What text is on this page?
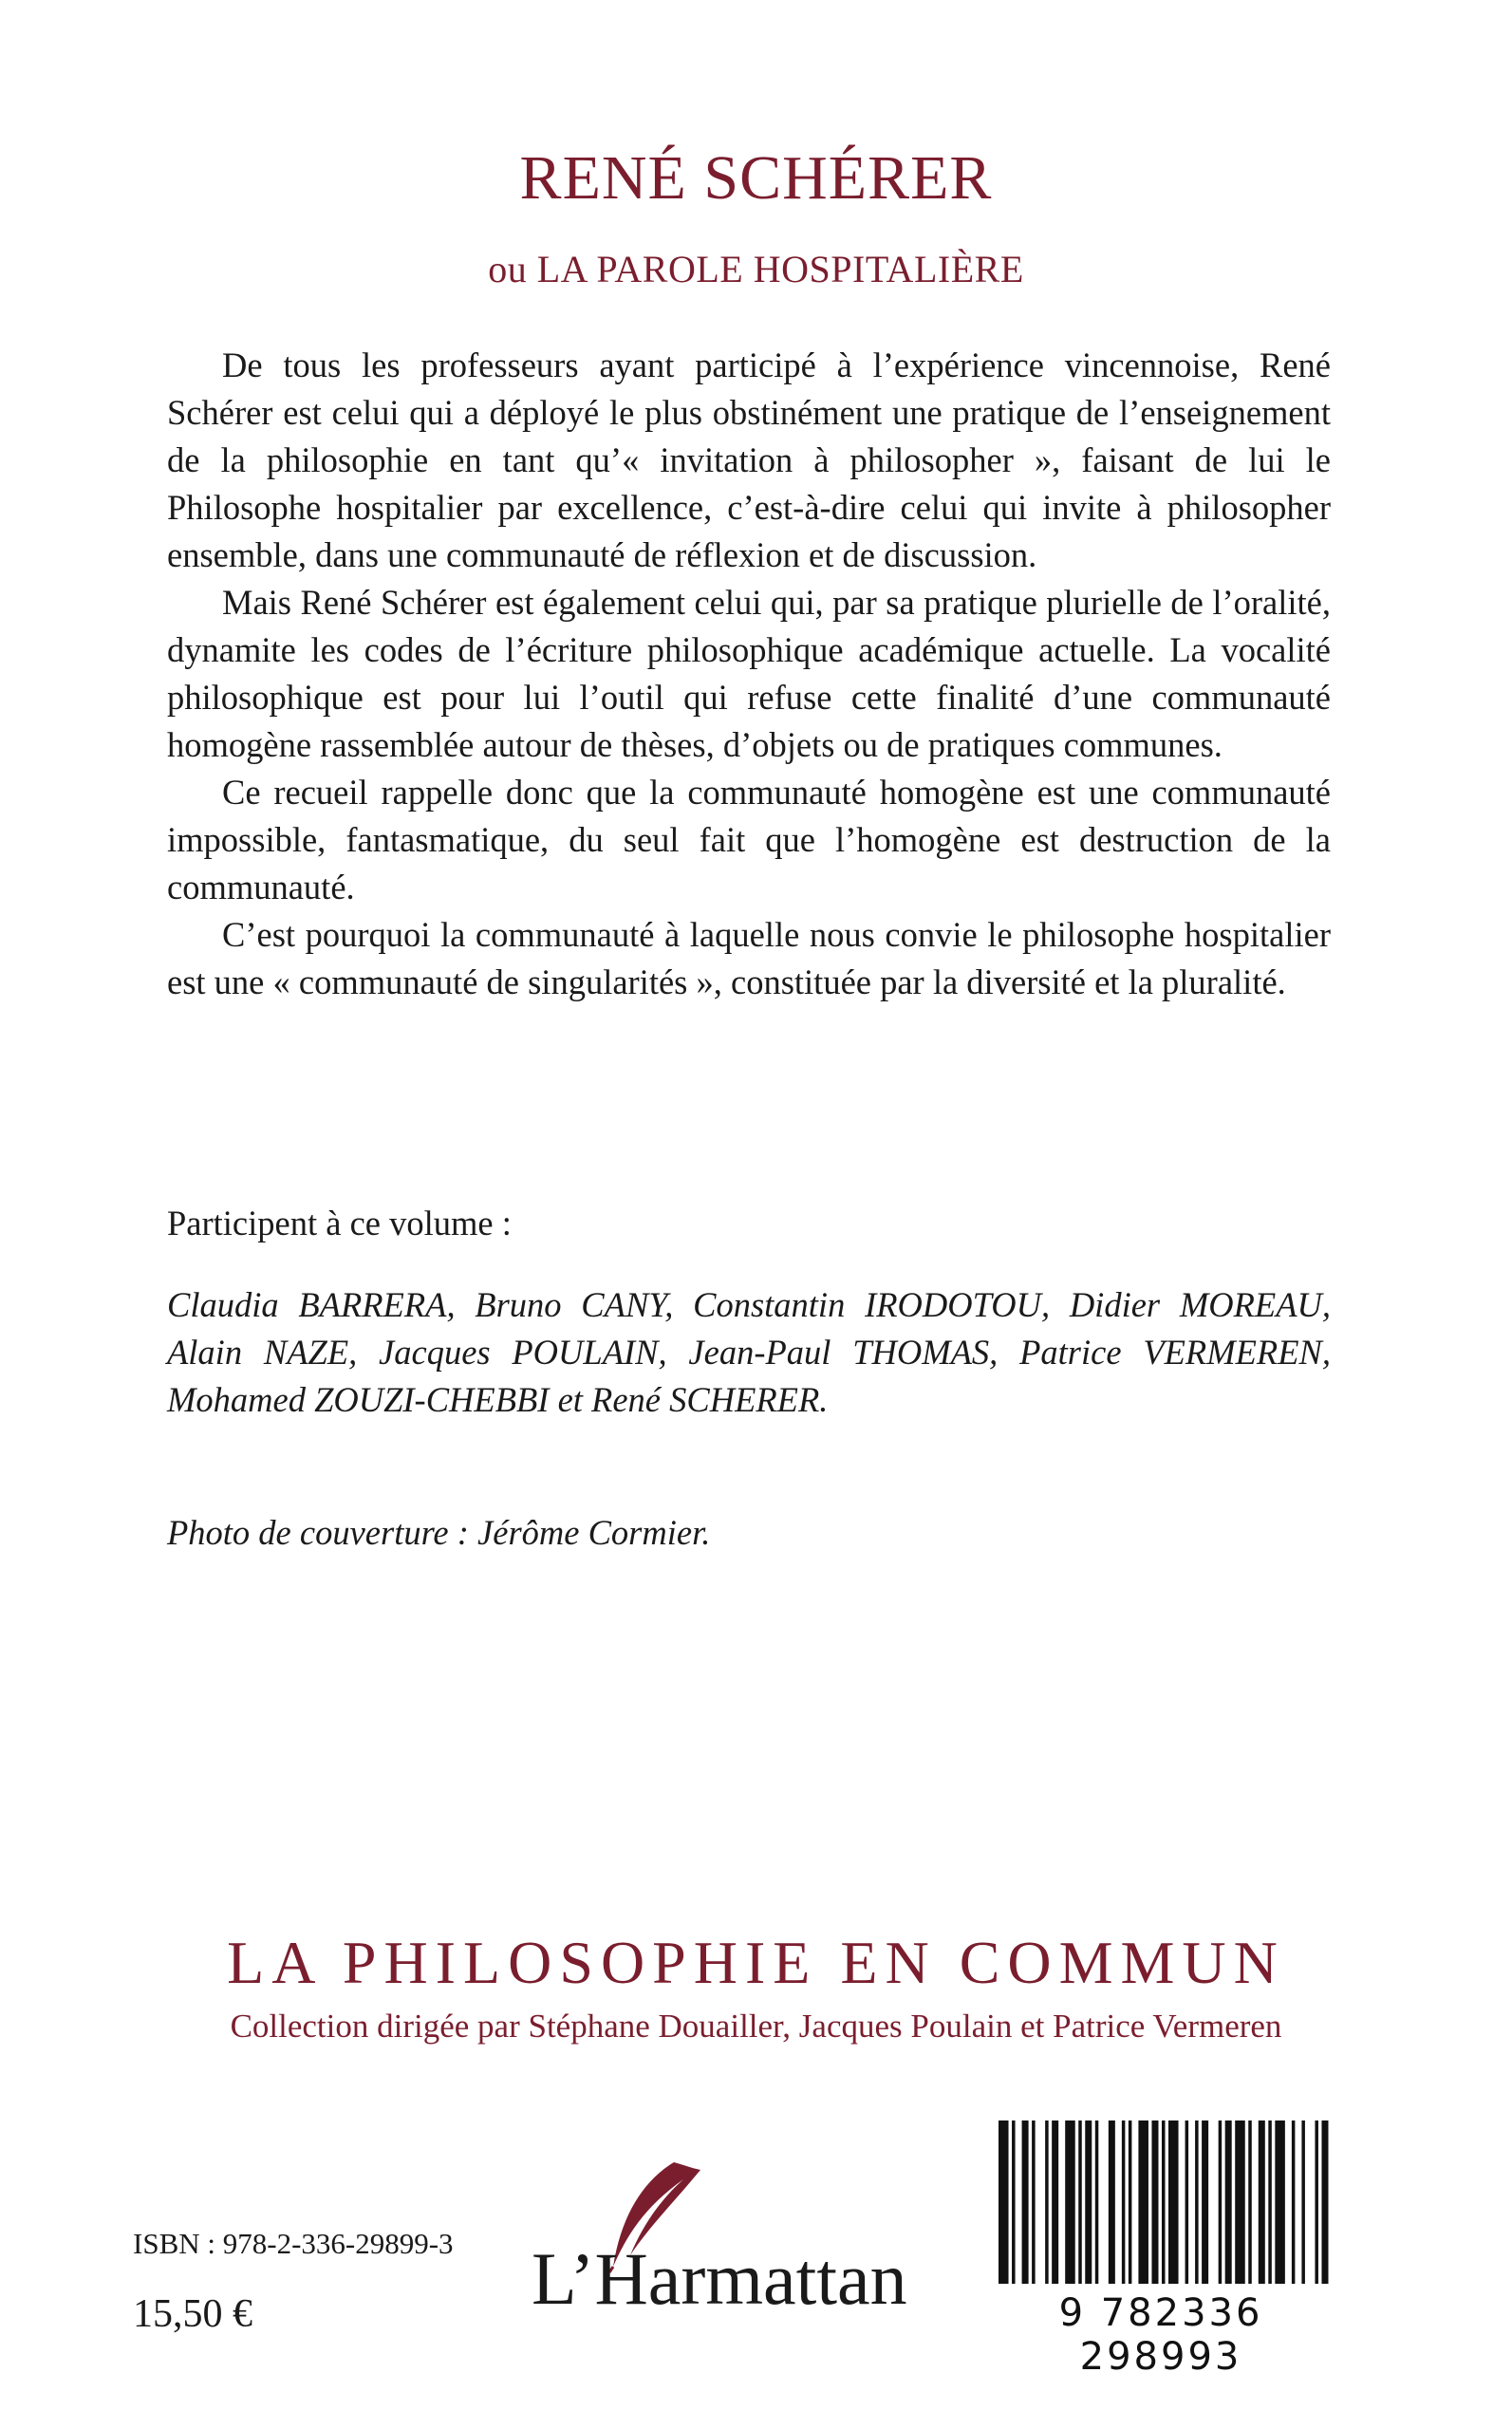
RENÉ SCHÉRER
ou LA PAROLE HOSPITALIÈRE

De tous les professeurs ayant participé à l’expérience vincennoise, René Schérer est celui qui a déployé le plus obstinément une pratique de l’enseignement de la philosophie en tant qu’« invitation à philosopher », faisant de lui le Philosophe hospitalier par excellence, c’est-à-dire celui qui invite à philosopher ensemble, dans une communauté de réflexion et de discussion.

Mais René Schérer est également celui qui, par sa pratique plurielle de l’oralité, dynamite les codes de l’écriture philosophique académique actuelle. La vocalité philosophique est pour lui l’outil qui refuse cette finalité d’une communauté homogène rassemblée autour de thèses, d’objets ou de pratiques communes.

Ce recueil rappelle donc que la communauté homogène est une communauté impossible, fantasmatique, du seul fait que l’homogène est destruction de la communauté.

C’est pourquoi la communauté à laquelle nous convie le philosophe hospitalier est une « communauté de singularités », constituée par la diversité et la pluralité.

Participent à ce volume :
Claudia BARRERA, Bruno CANY, Constantin IRODOTOU, Didier MOREAU, Alain NAZE, Jacques POULAIN, Jean-Paul THOMAS, Patrice VERMEREN, Mohamed ZOUZI-CHEBBI et René SCHERER.
Photo de couverture : Jérôme Cormier.
LA PHILOSOPHIE EN COMMUN
Collection dirigée par Stéphane Douailler, Jacques Poulain et Patrice Vermeren
ISBN : 978-2-336-29899-3
15,50 €	L’Harmattan	9 782336 298993
